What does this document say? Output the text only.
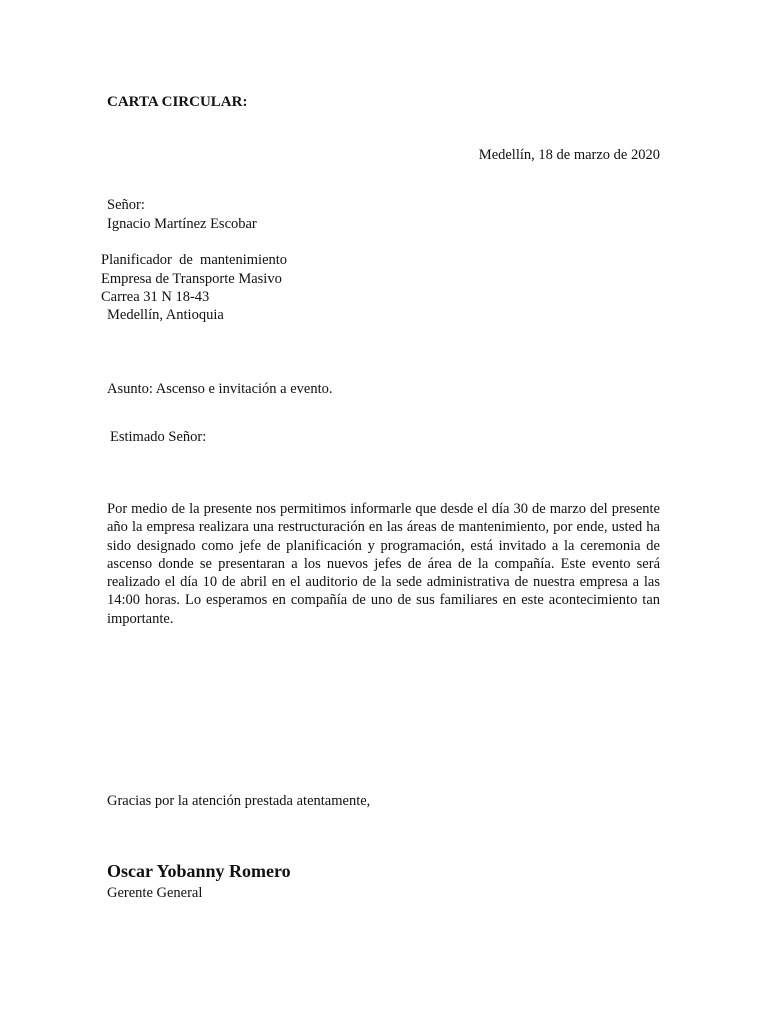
CARTA CIRCULAR:
Medellín, 18 de marzo de 2020
Señor:
Ignacio Martínez Escobar
Planificador  de  mantenimiento
Empresa de Transporte Masivo
Carrea 31 N 18-43
Medellín, Antioquia
Asunto: Ascenso e invitación a evento.
Estimado Señor:
Por medio de la presente nos permitimos informarle que desde el día 30 de marzo del presente año la empresa realizara una restructuración en las áreas de mantenimiento, por ende, usted ha sido designado como jefe de planificación y programación, está invitado a la ceremonia de ascenso donde se presentaran a los nuevos jefes de área de la compañía. Este evento será realizado el día 10 de abril en el auditorio de la sede administrativa de nuestra empresa a las 14:00 horas. Lo esperamos en compañía de uno de sus familiares en este acontecimiento tan importante.
Gracias por la atención prestada atentamente,
Oscar Yobanny Romero
Gerente General
